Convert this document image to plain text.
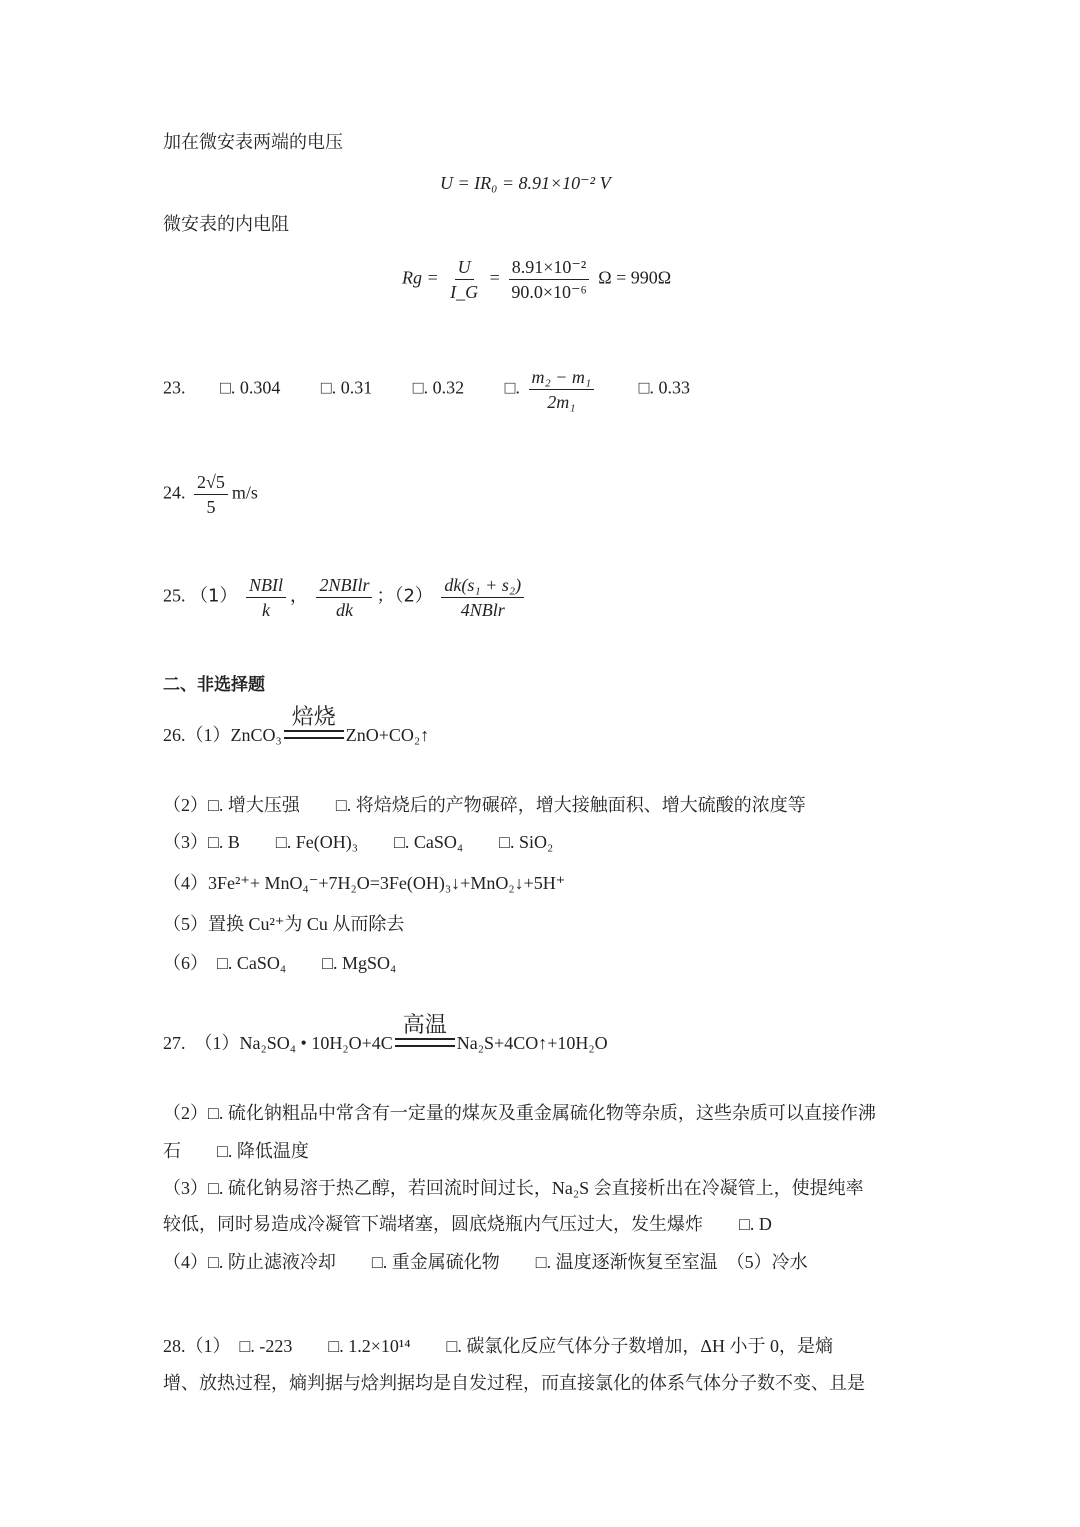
加在微安表两端的电压
U = IR₀ = 8.91×10⁻² V
微安表的内电阻
$Rg = \frac{U}{I\_G} = \frac{\text{8.91×10⁻²}}{\text{90.0×10⁻⁶}}$ Ω = 990Ω
23. □. 0.304 □. 0.31 □. 0.32 □. $\frac{\text{m₂ − m₁}}{\text{2m₁}}$ □. 0.33
24. $\frac{2√5}{5} m/s$
25. $(1) \frac{\text{NBIl}}{k}$ ， $\frac{\text{2NBIlr}}{dk}$ ；$(2) \frac{\text{dk(s₁ + s₂)}}{\text{4NBlr}}$
二、非选择题
26.（1）ZnCO₃
焙烧
ZnO+CO₂↑
（2）□. 增大压强　　□. 将焙烧后的产物碾碎，增大接触面积、增大硫酸的浓度等
（3）□. B　　□. Fe(OH)₃　　□. CaSO₄　　□. SiO₂
（4）3Fe²⁺+ MnO₄⁻+7H₂O=3Fe(OH)₃↓+MnO₂↓+5H⁺
（5）置换 Cu²⁺为 Cu 从而除去
（6）　□. CaSO₄　　□. MgSO₄
27.　（1）Na₂SO₄ • 10H₂O+4C
高温
Na₂S+4CO↑+10H₂O
（2）□. 硫化钠粗品中常含有一定量的煤灰及重金属硫化物等杂质，这些杂质可以直接作沸
石　　□. 降低温度
（3）□. 硫化钠易溶于热乙醇，若回流时间过长，Na₂S 会直接析出在冷凝管上，使提纯率
较低，同时易造成冷凝管下端堵塞，圆底烧瓶内气压过大，发生爆炸　　□. D
（4）□. 防止滤液冷却　　□. 重金属硫化物　　□. 温度逐渐恢复至室温　（5）冷水
28.（1）　□. -223　　□. 1.2×10¹⁴　　□. 碳氯化反应气体分子数增加，ΔH 小于 0，是熵
增、放热过程，熵判据与焓判据均是自发过程，而直接氯化的体系气体分子数不变、且是
